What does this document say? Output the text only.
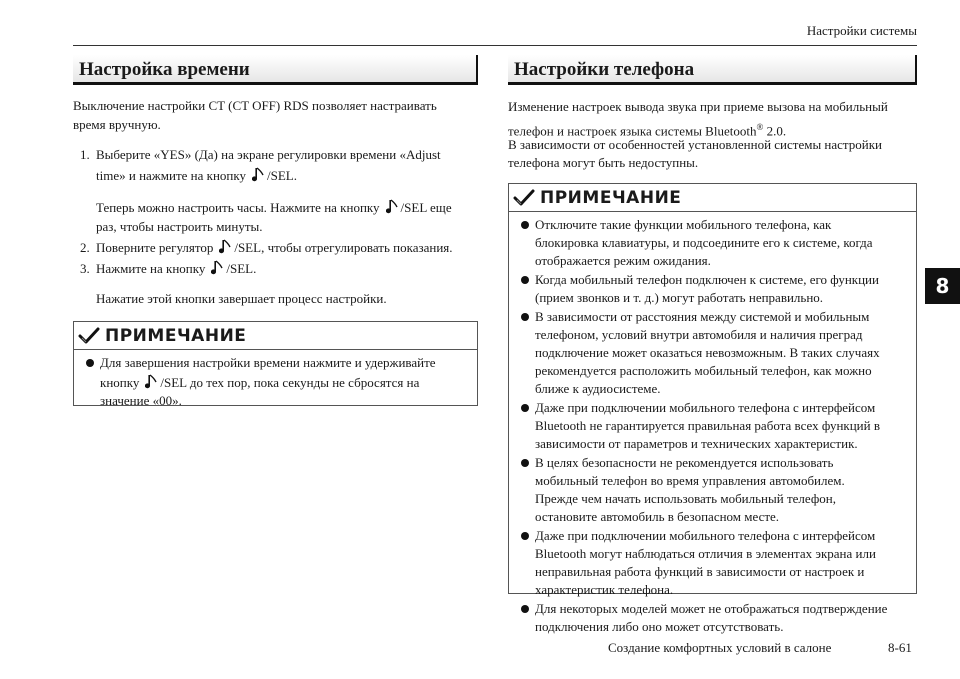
Настройки системы
Настройка времени
Выключение настройки CT (CT OFF) RDS позволяет настраивать
время вручную.
1. Выберите «YES» (Да) на экране регулировки времени «Adjust
time» и нажмите на кнопку /SEL.
Теперь можно настроить часы. Нажмите на кнопку /SEL еще
раз, чтобы настроить минуты.
2. Поверните регулятор /SEL, чтобы отрегулировать показания.
3. Нажмите на кнопку /SEL.
Нажатие этой кнопки завершает процесс настройки.
ПРИМЕЧАНИЕ
Для завершения настройки времени нажмите и удерживайте
кнопку /SEL до тех пор, пока секунды не сбросятся на
значение «00».
Настройки телефона
Изменение настроек вывода звука при приеме вызова на мобильный
телефон и настроек языка системы Bluetooth® 2.0.
В зависимости от особенностей установленной системы настройки
телефона могут быть недоступны.
ПРИМЕЧАНИЕ
Отключите такие функции мобильного телефона, как
блокировка клавиатуры, и подсоедините его к системе, когда
отображается режим ожидания.
Когда мобильный телефон подключен к системе, его функции
(прием звонков и т. д.) могут работать неправильно.
В зависимости от расстояния между системой и мобильным
телефоном, условий внутри автомобиля и наличия преград
подключение может оказаться невозможным. В таких случаях
рекомендуется расположить мобильный телефон, как можно
ближе к аудиосистеме.
Даже при подключении мобильного телефона с интерфейсом
Bluetooth не гарантируется правильная работа всех функций в
зависимости от параметров и технических характеристик.
В целях безопасности не рекомендуется использовать
мобильный телефон во время управления автомобилем.
Прежде чем начать использовать мобильный телефон,
остановите автомобиль в безопасном месте.
Даже при подключении мобильного телефона с интерфейсом
Bluetooth могут наблюдаться отличия в элементах экрана или
неправильная работа функций в зависимости от настроек и
характеристик телефона.
Для некоторых моделей может не отображаться подтверждение
подключения либо оно может отсутствовать.
8
Создание комфортных условий в салоне	8-61
